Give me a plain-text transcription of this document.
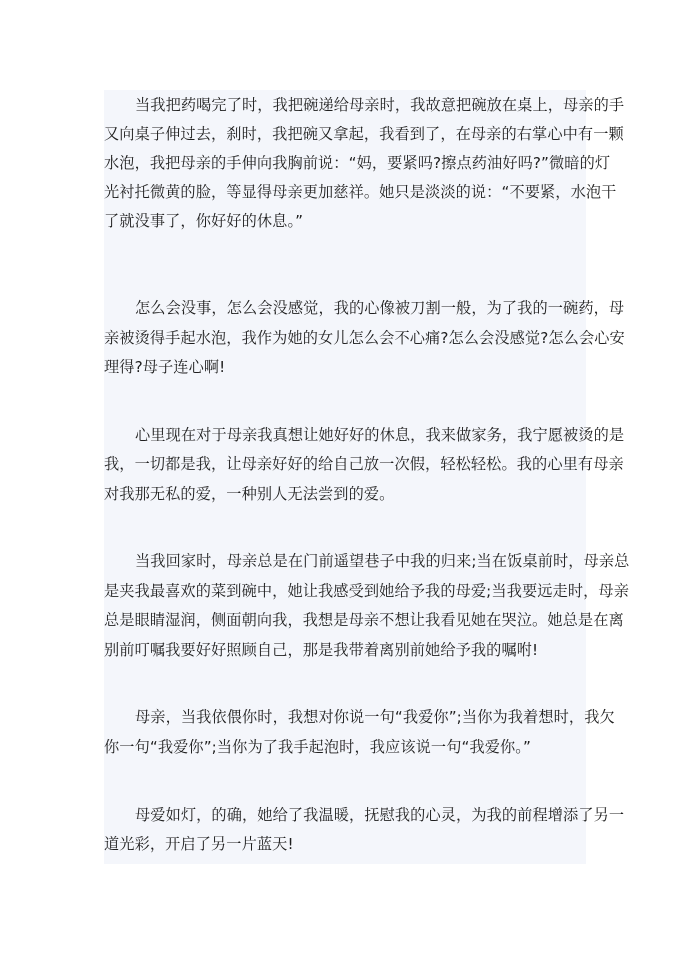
当我把药喝完了时，我把碗递给母亲时，我故意把碗放在桌上，母亲的手
又向桌子伸过去，刹时，我把碗又拿起，我看到了，在母亲的右掌心中有一颗
水泡，我把母亲的手伸向我胸前说：“妈，要紧吗?擦点药油好吗?”微暗的灯
光衬托微黄的脸，等显得母亲更加慈祥。她只是淡淡的说：“不要紧，水泡干
了就没事了，你好好的休息。”
怎么会没事，怎么会没感觉，我的心像被刀割一般，为了我的一碗药，母
亲被烫得手起水泡，我作为她的女儿怎么会不心痛?怎么会没感觉?怎么会心安
理得?母子连心啊!
心里现在对于母亲我真想让她好好的休息，我来做家务，我宁愿被烫的是
我，一切都是我，让母亲好好的给自己放一次假，轻松轻松。我的心里有母亲
对我那无私的爱，一种别人无法尝到的爱。
当我回家时，母亲总是在门前遥望巷子中我的归来;当在饭桌前时，母亲总
是夹我最喜欢的菜到碗中，她让我感受到她给予我的母爱;当我要远走时，母亲
总是眼睛湿润，侧面朝向我，我想是母亲不想让我看见她在哭泣。她总是在离
别前叮嘱我要好好照顾自己，那是我带着离别前她给予我的嘱咐!
母亲，当我依偎你时，我想对你说一句“我爱你”;当你为我着想时，我欠
你一句“我爱你”;当你为了我手起泡时，我应该说一句“我爱你。”
母爱如灯，的确，她给了我温暖，抚慰我的心灵，为我的前程增添了另一
道光彩，开启了另一片蓝天!
